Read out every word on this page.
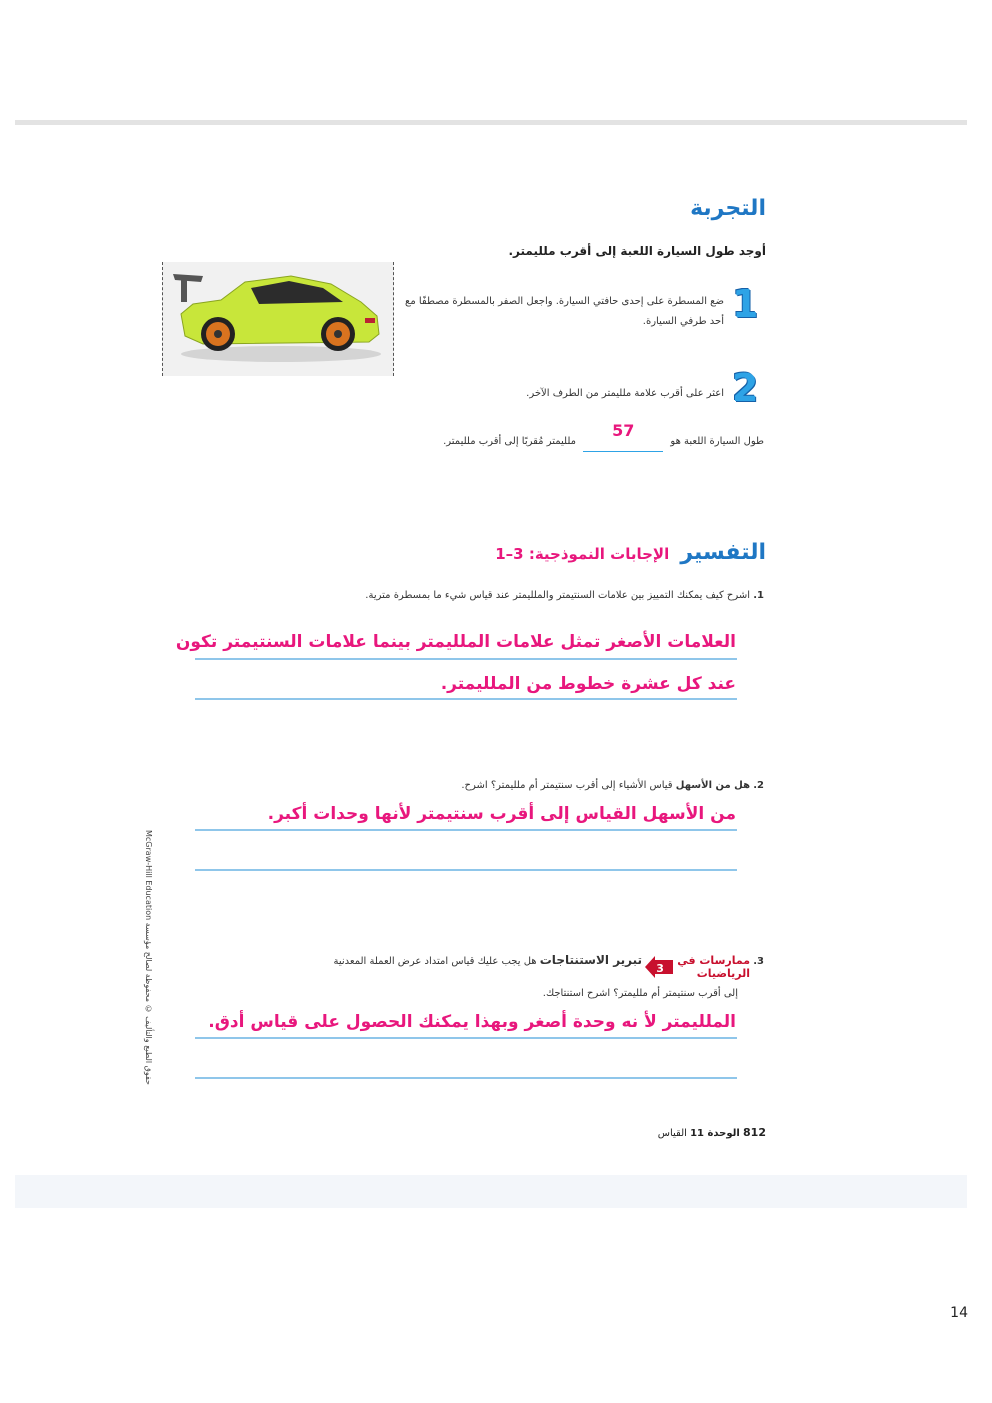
التجربة
أوجد طول السيارة اللعبة إلى أقرب ملليمتر.
1
ضع المسطرة على إحدى حافتي السيارة. واجعل الصفر بالمسطرة مصطفًا مع أحد طرفي السيارة.
2
اعثر على أقرب علامة ملليمتر من الطرف الآخر.
طول السيارة اللعبة هو
57
ملليمتر مُقربًا إلى أقرب ملليمتر.
التفسير الإجابات النموذجية: 3–1
1. اشرح كيف يمكنك التمييز بين علامات السنتيمتر والملليمتر عند قياس شيء ما بمسطرة مترية.
العلامات الأصغر تمثل علامات الملليمتر بينما علامات السنتيمتر تكون
عند كل عشرة خطوط من الملليمتر.
2. هل من الأسهل قياس الأشياء إلى أقرب سنتيمتر أم ملليمتر؟ اشرح.
من الأسهل القياس إلى أقرب سنتيمتر لأنها وحدات أكبر.
3.
ممارسات في
الرياضيات
3
تبرير الاستنتاجات هل يجب عليك قياس امتداد عرض العملة المعدنية
إلى أقرب سنتيمتر أم ملليمتر؟ اشرح استنتاجك.
الملليمتر لأ نه وحدة أصغر وبهذا يمكنك الحصول على قياس أدق.
McGraw-Hill Education حقوق الطبع والتأليف © محفوظة لصالح مؤسسة
812 الوحدة 11 القياس
14
